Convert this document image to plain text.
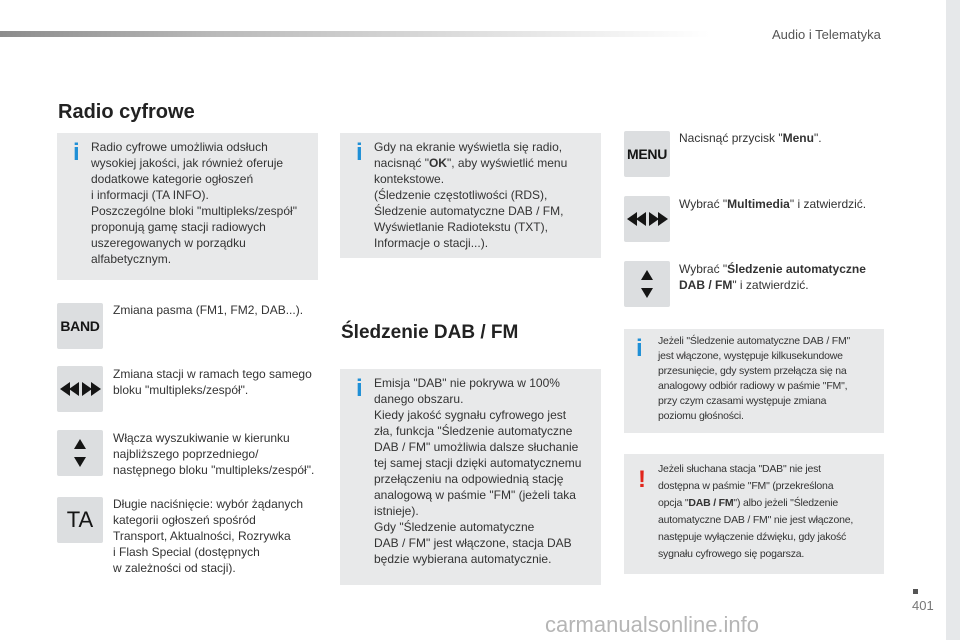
Audio i Telematyka
Radio cyfrowe
i Radio cyfrowe umożliwia odsłuch
wysokiej jakości, jak również oferuje
dodatkowe kategorie ogłoszeń
i informacji (TA INFO).
Poszczególne bloki "multipleks/zespół"
proponują gamę stacji radiowych
uszeregowanych w porządku
alfabetycznym.
BAND
Zmiana pasma (FM1, FM2, DAB...).
Zmiana stacji w ramach tego samego
bloku "multipleks/zespół".
Włącza wyszukiwanie w kierunku
najbliższego poprzedniego/
następnego bloku "multipleks/zespół".
TA
Długie naciśnięcie: wybór żądanych
kategorii ogłoszeń spośród
Transport, Aktualności, Rozrywka
i Flash Special (dostępnych
w zależności od stacji).
i Gdy na ekranie wyświetla się radio,
nacisnąć "OK", aby wyświetlić menu
kontekstowe.
(Śledzenie częstotliwości (RDS),
Śledzenie automatyczne DAB / FM,
Wyświetlanie Radiotekstu (TXT),
Informacje o stacji...).
Śledzenie DAB / FM
i Emisja "DAB" nie pokrywa w 100%
danego obszaru.
Kiedy jakość sygnału cyfrowego jest
zła, funkcja "Śledzenie automatyczne
DAB / FM" umożliwia dalsze słuchanie
tej samej stacji dzięki automatycznemu
przełączeniu na odpowiednią stację
analogową w paśmie "FM" (jeżeli taka
istnieje).
Gdy "Śledzenie automatyczne
DAB / FM" jest włączone, stacja DAB
będzie wybierana automatycznie.
MENU
Nacisnąć przycisk "Menu".
Wybrać "Multimedia" i zatwierdzić.
Wybrać "Śledzenie automatyczne
DAB / FM" i zatwierdzić.
i Jeżeli "Śledzenie automatyczne DAB / FM"
jest włączone, występuje kilkusekundowe
przesunięcie, gdy system przełącza się na
analogowy odbiór radiowy w paśmie "FM",
przy czym czasami występuje zmiana
poziomu głośności.
! Jeżeli słuchana stacja "DAB" nie jest
dostępna w paśmie "FM" (przekreślona
opcja "DAB / FM") albo jeżeli "Śledzenie
automatyczne DAB / FM" nie jest włączone,
następuje wyłączenie dźwięku, gdy jakość
sygnału cyfrowego się pogarsza.
401
carmanualsonline.info
